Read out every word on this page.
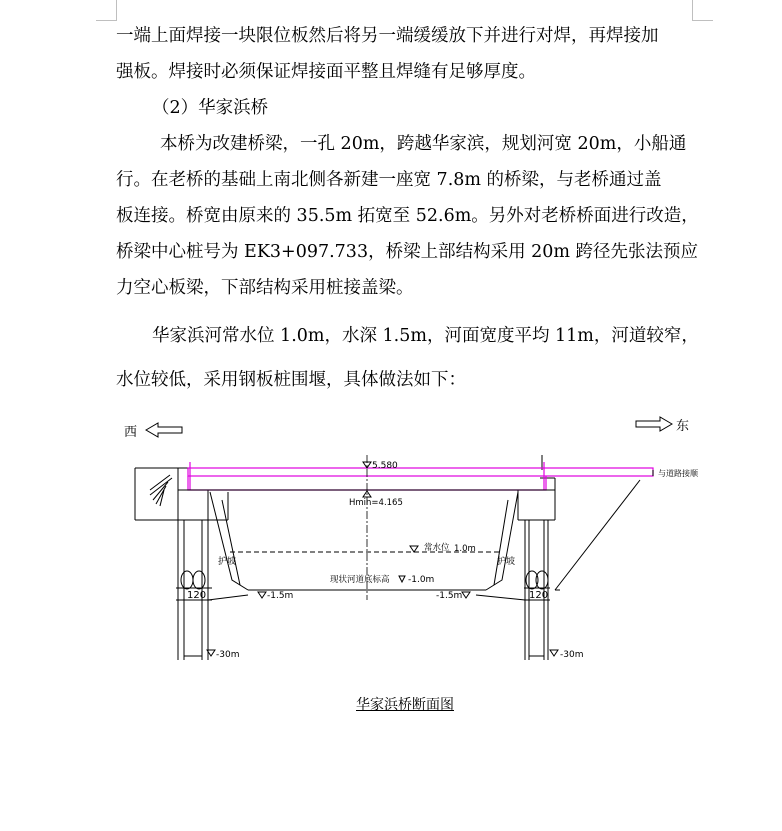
一端上面焊接一块限位板然后将另一端缓缓放下并进行对焊，再焊接加
强板。焊接时必须保证焊接面平整且焊缝有足够厚度。
（2）华家浜桥
本桥为改建桥梁，一孔 20m，跨越华家滨，规划河宽 20m，小船通
行。在老桥的基础上南北侧各新建一座宽 7.8m 的桥梁，与老桥通过盖
板连接。桥宽由原来的 35.5m 拓宽至 52.6m。另外对老桥桥面进行改造，
桥梁中心桩号为 EK3+097.733，桥梁上部结构采用 20m 跨径先张法预应
力空心板梁，下部结构采用桩接盖梁。
华家浜河常水位 1.0m，水深 1.5m，河面宽度平均 11m，河道较窄，
水位较低，采用钢板桩围堰，具体做法如下：
西	东
120
护坡
120
护坡
与道路接顺
5.580
Hmin=4.165
常水位 1.0m
现状河道底标高 -1.0m
-1.5m	-1.5m
-30m	-30m
华家浜桥断面图
